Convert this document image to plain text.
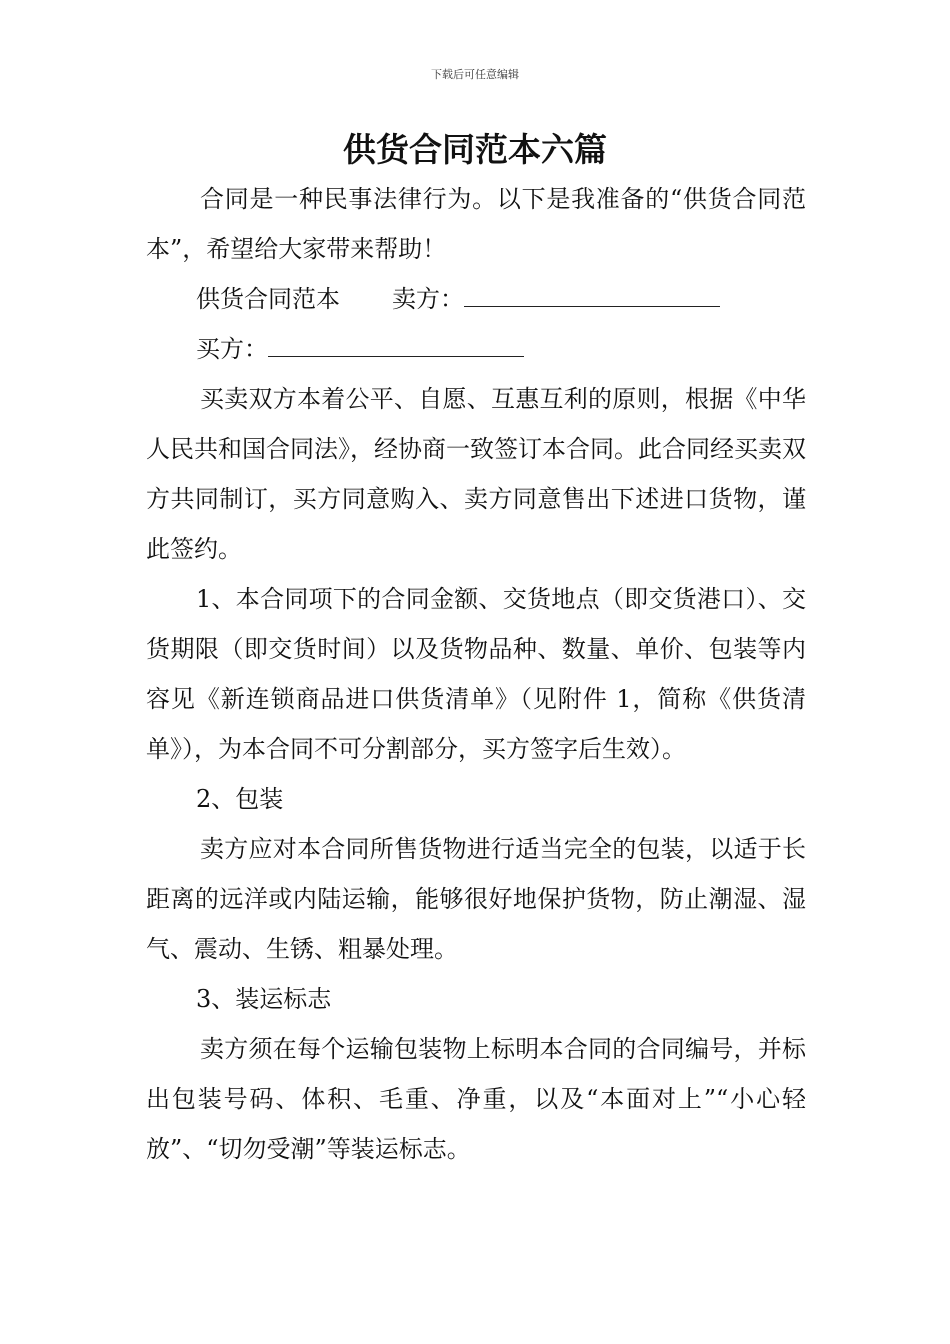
下载后可任意编辑
供货合同范本六篇

合同是一种民事法律行为。以下是我准备的“供货合同范本”，希望给大家带来帮助！

供货合同范本 卖方：

买方：

买卖双方本着公平、自愿、互惠互利的原则，根据《中华人民共和国合同法》，经协商一致签订本合同。此合同经买卖双方共同制订，买方同意购入、卖方同意售出下述进口货物，谨此签约。

1、本合同项下的合同金额、交货地点（即交货港口）、交货期限（即交货时间）以及货物品种、数量、单价、包装等内容见《新连锁商品进口供货清单》（见附件 1，简称《供货清单》），为本合同不可分割部分，买方签字后生效）。

2、包装

卖方应对本合同所售货物进行适当完全的包装，以适于长距离的远洋或内陆运输，能够很好地保护货物，防止潮湿、湿气、震动、生锈、粗暴处理。

3、装运标志

卖方须在每个运输包装物上标明本合同的合同编号，并标出包装号码、体积、毛重、净重，以及“本面对上”“小心轻放”、“切勿受潮”等装运标志。
